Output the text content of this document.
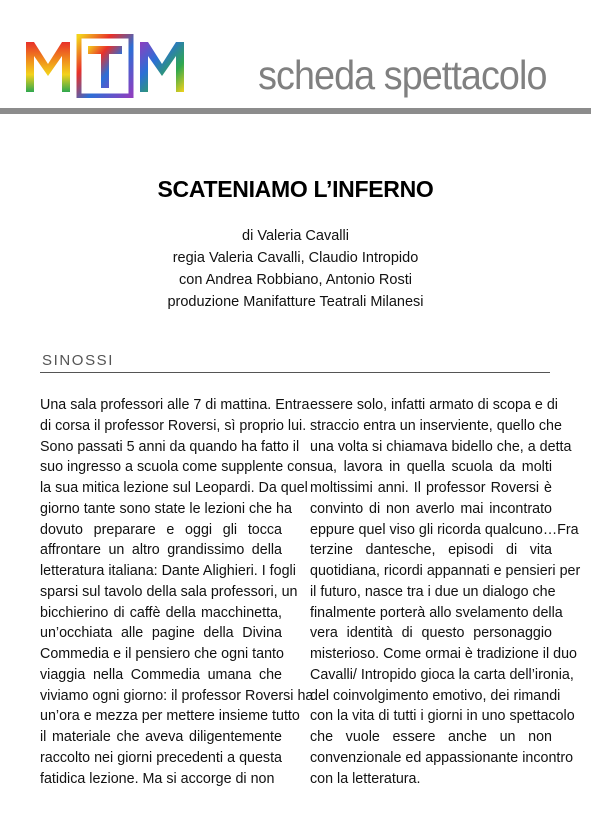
scheda spettacolo
SCATENIAMO L’INFERNO
di Valeria Cavalli
regia Valeria Cavalli, Claudio Intropido
con Andrea Robbiano, Antonio Rosti
produzione Manifatture Teatrali Milanesi
SINOSSI
Una sala professori alle 7 di mattina. Entra
di corsa il professor Roversi, sì proprio lui.
Sono passati 5 anni da quando ha fatto il
suo ingresso a scuola come supplente con
la sua mitica lezione sul Leopardi. Da quel
giorno tante sono state le lezioni che ha
dovuto preparare e oggi gli tocca
affrontare un altro grandissimo della
letteratura italiana: Dante Alighieri. I fogli
sparsi sul tavolo della sala professori, un
bicchierino di caffè della macchinetta,
un’occhiata alle pagine della Divina
Commedia e il pensiero che ogni tanto
viaggia nella Commedia umana che
viviamo ogni giorno: il professor Roversi ha
un’ora e mezza per mettere insieme tutto
il materiale che aveva diligentemente
raccolto nei giorni precedenti a questa
fatidica lezione. Ma si accorge di non
essere solo, infatti armato di scopa e di
straccio entra un inserviente, quello che
una volta si chiamava bidello che, a detta
sua, lavora in quella scuola da molti
moltissimi anni. Il professor Roversi è
convinto di non averlo mai incontrato
eppure quel viso gli ricorda qualcuno…Fra
terzine dantesche, episodi di vita
quotidiana, ricordi appannati e pensieri per
il futuro, nasce tra i due un dialogo che
finalmente porterà allo svelamento della
vera identità di questo personaggio
misterioso. Come ormai è tradizione il duo
Cavalli/ Intropido gioca la carta dell’ironia,
del coinvolgimento emotivo, dei rimandi
con la vita di tutti i giorni in uno spettacolo
che vuole essere anche un non
convenzionale ed appassionante incontro
con la letteratura.
